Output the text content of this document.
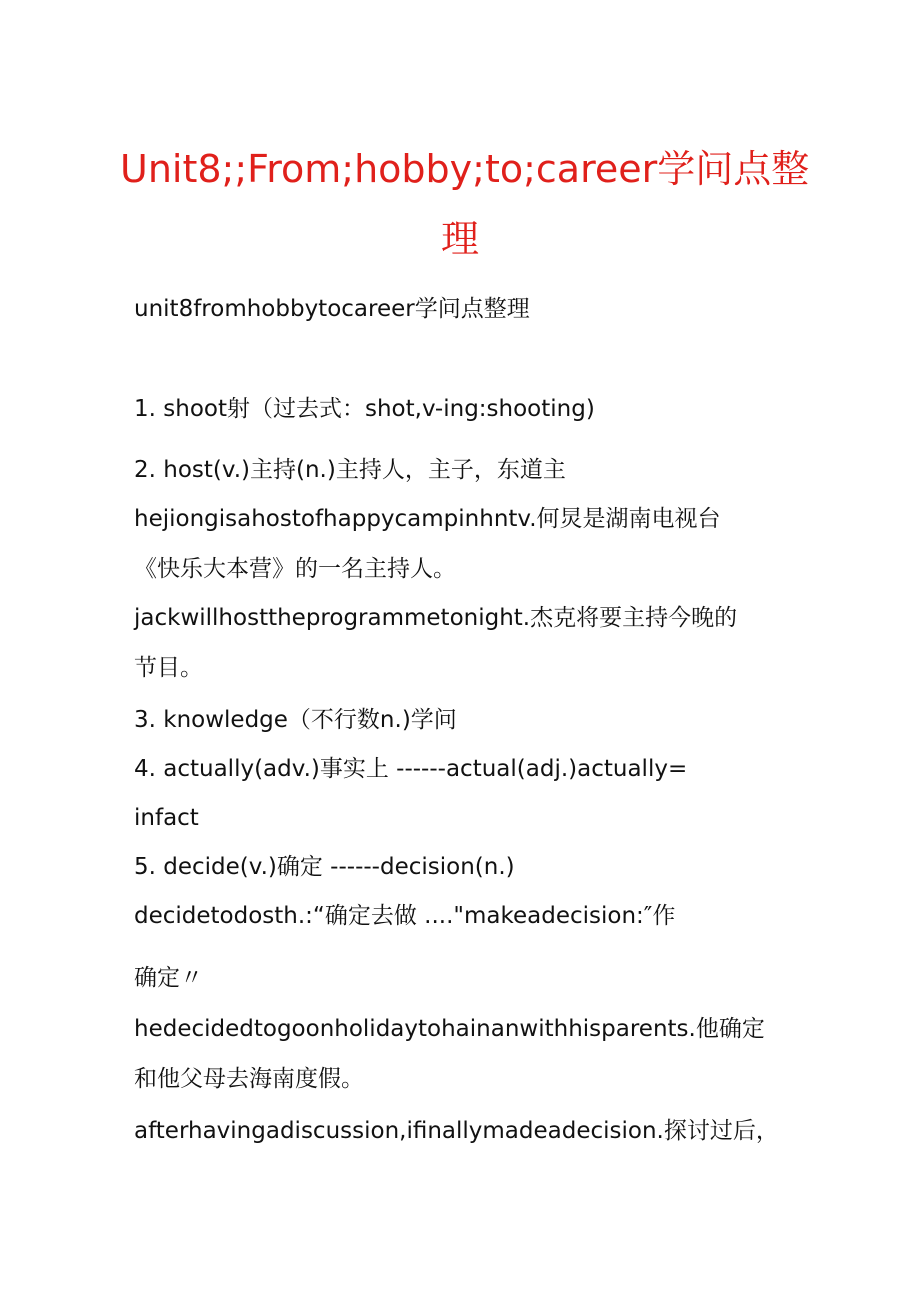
Unit8;;From;hobby;to;career学问点整
理
unit8fromhobbytocareer学问点整理
1. shoot射（过去式：shot,v-ing:shooting)
2. host(v.)主持(n.)主持人，主子，东道主
hejiongisahostofhappycampinhntv.何炅是湖南电视台
《快乐大本营》的一名主持人。
jackwillhosttheprogrammetonight.杰克将要主持今晚的
节目。
3. knowledge（不行数n.)学问
4. actually(adv.)事实上 ------actual(adj.)actually=
infact
5. decide(v.)确定 ------decision(n.)
decidetodosth.:“确定去做 ...."makeadecision:″作
确定〃
hedecidedtogoonholidaytohainanwithhisparents.他确定
和他父母去海南度假。
afterhavingadiscussion,ifinallymadeadecision.探讨过后，
